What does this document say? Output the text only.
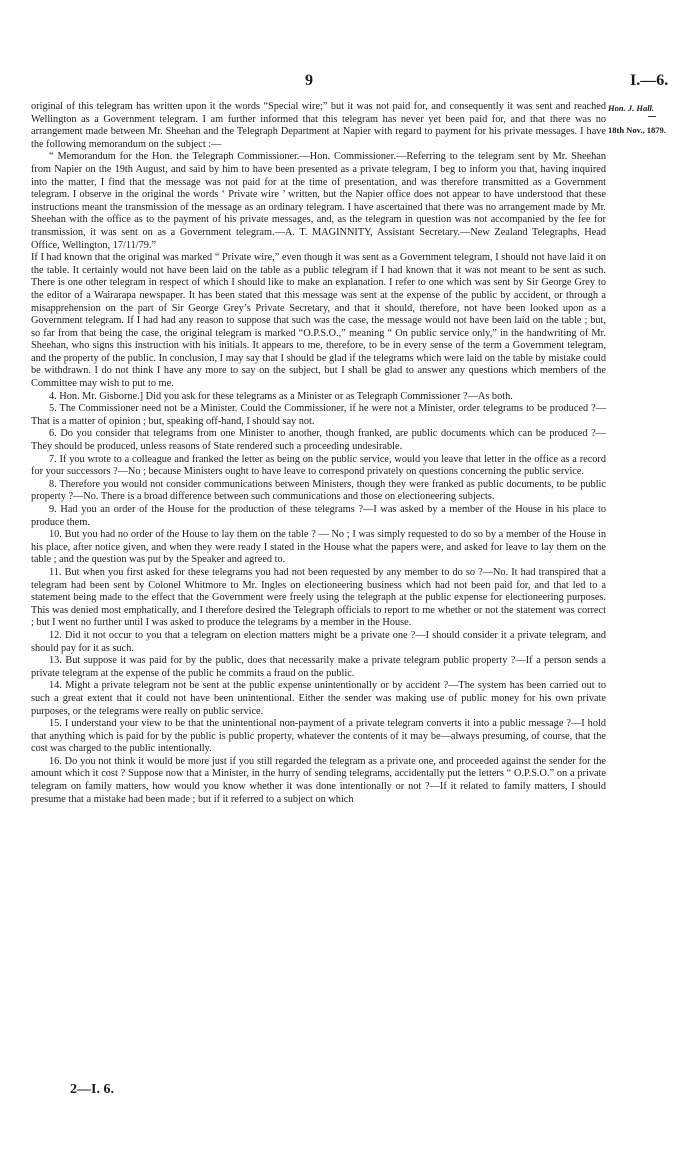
9	I.—6.
Hon. J. Hall.
18th Nov., 1879.

original of this telegram has written upon it the words “Special wire;” but it was not paid for, and consequently it was sent and reached Wellington as a Government telegram. I am further informed that this telegram has never yet been paid for, and that there was no arrangement made between Mr. Sheehan and the Telegraph Department at Napier with regard to payment for his private messages. I have the following memorandum on the subject :—

“ Memorandum for the Hon. the Telegraph Commissioner.—Hon. Commissioner.—Referring to the telegram sent by Mr. Sheehan from Napier on the 19th August, and said by him to have been presented as a private telegram, I beg to inform you that, having inquired into the matter, I find that the message was not paid for at the time of presentation, and was therefore transmitted as a Government telegram. I observe in the original the words ‘ Private wire ’ written, but the Napier office does not appear to have understood that these instructions meant the transmission of the message as an ordinary telegram. I have ascertained that there was no arrangement made by Mr. Sheehan with the office as to the payment of his private messages, and, as the telegram in question was not accompanied by the fee for transmission, it was sent on as a Government telegram.—A. T. MAGINNITY, Assistant Secretary.—New Zealand Telegraphs, Head Office, Wellington, 17/11/79.”

If I had known that the original was marked “ Private wire,” even though it was sent as a Government telegram, I should not have laid it on the table. It certainly would not have been laid on the table as a public telegram if I had known that it was not meant to be sent as such. There is one other telegram in respect of which I should like to make an explanation. I refer to one which was sent by Sir George Grey to the editor of a Wairarapa newspaper. It has been stated that this message was sent at the expense of the public by accident, or through a misapprehension on the part of Sir George Grey’s Private Secretary, and that it should, therefore, not have been looked upon as a Government telegram. If I had had any reason to suppose that such was the case, the message would not have been laid on the table ; but, so far from that being the case, the original telegram is marked “O.P.S.O.,” meaning “ On public service only,” in the handwriting of Mr. Sheehan, who signs this instruction with his initials. It appears to me, therefore, to be in every sense of the term a Government telegram, and the property of the public. In conclusion, I may say that I should be glad if the telegrams which were laid on the table by mistake could be withdrawn. I do not think I have any more to say on the subject, but I shall be glad to answer any questions which members of the Committee may wish to put to me.

4. Hon. Mr. Gisborne.] Did you ask for these telegrams as a Minister or as Telegraph Commissioner ?—As both.

5. The Commissioner need not be a Minister. Could the Commissioner, if he were not a Minister, order telegrams to be produced ?—That is a matter of opinion ; but, speaking off-hand, I should say not.

6. Do you consider that telegrams from one Minister to another, though franked, are public documents which can be produced ?—They should be produced, unless reasons of State rendered such a proceeding undesirable.

7. If you wrote to a colleague and franked the letter as being on the public service, would you leave that letter in the office as a record for your successors ?—No ; because Ministers ought to have leave to correspond privately on questions concerning the public service.

8. Therefore you would not consider communications between Ministers, though they were franked as public documents, to be public property ?—No. There is a broad difference between such communications and those on electioneering subjects.

9. Had you an order of the House for the production of these telegrams ?—I was asked by a member of the House in his place to produce them.

10. But you had no order of the House to lay them on the table ? — No ; I was simply requested to do so by a member of the House in his place, after notice given, and when they were ready I stated in the House what the papers were, and asked for leave to lay them on the table ; and the question was put by the Speaker and agreed to.

11. But when you first asked for these telegrams you had not been requested by any member to do so ?—No. It had transpired that a telegram had been sent by Colonel Whitmore to Mr. Ingles on electioneering business which had not been paid for, and that led to a statement being made to the effect that the Government were freely using the telegraph at the public expense for electioneering purposes. This was denied most emphatically, and I therefore desired the Telegraph officials to report to me whether or not the statement was correct ; but I went no further until I was asked to produce the telegrams by a member in the House.

12. Did it not occur to you that a telegram on election matters might be a private one ?—I should consider it a private telegram, and should pay for it as such.

13. But suppose it was paid for by the public, does that necessarily make a private telegram public property ?—If a person sends a private telegram at the expense of the public he commits a fraud on the public.

14. Might a private telegram not be sent at the public expense unintentionally or by accident ?—The system has been carried out to such a great extent that it could not have been unintentional. Either the sender was making use of public money for his own private purposes, or the telegrams were really on public service.

15. I understand your view to be that the unintentional non-payment of a private telegram converts it into a public message ?—I hold that anything which is paid for by the public is public property, whatever the contents of it may be—always presuming, of course, that the cost was charged to the public intentionally.

16. Do you not think it would be more just if you still regarded the telegram as a private one, and proceeded against the sender for the amount which it cost ? Suppose now that a Minister, in the hurry of sending telegrams, accidentally put the letters “ O.P.S.O.” on a private telegram on family matters, how would you know whether it was done intentionally or not ?—If it related to family matters, I should presume that a mistake had been made ; but if it referred to a subject on which

2—I. 6.
